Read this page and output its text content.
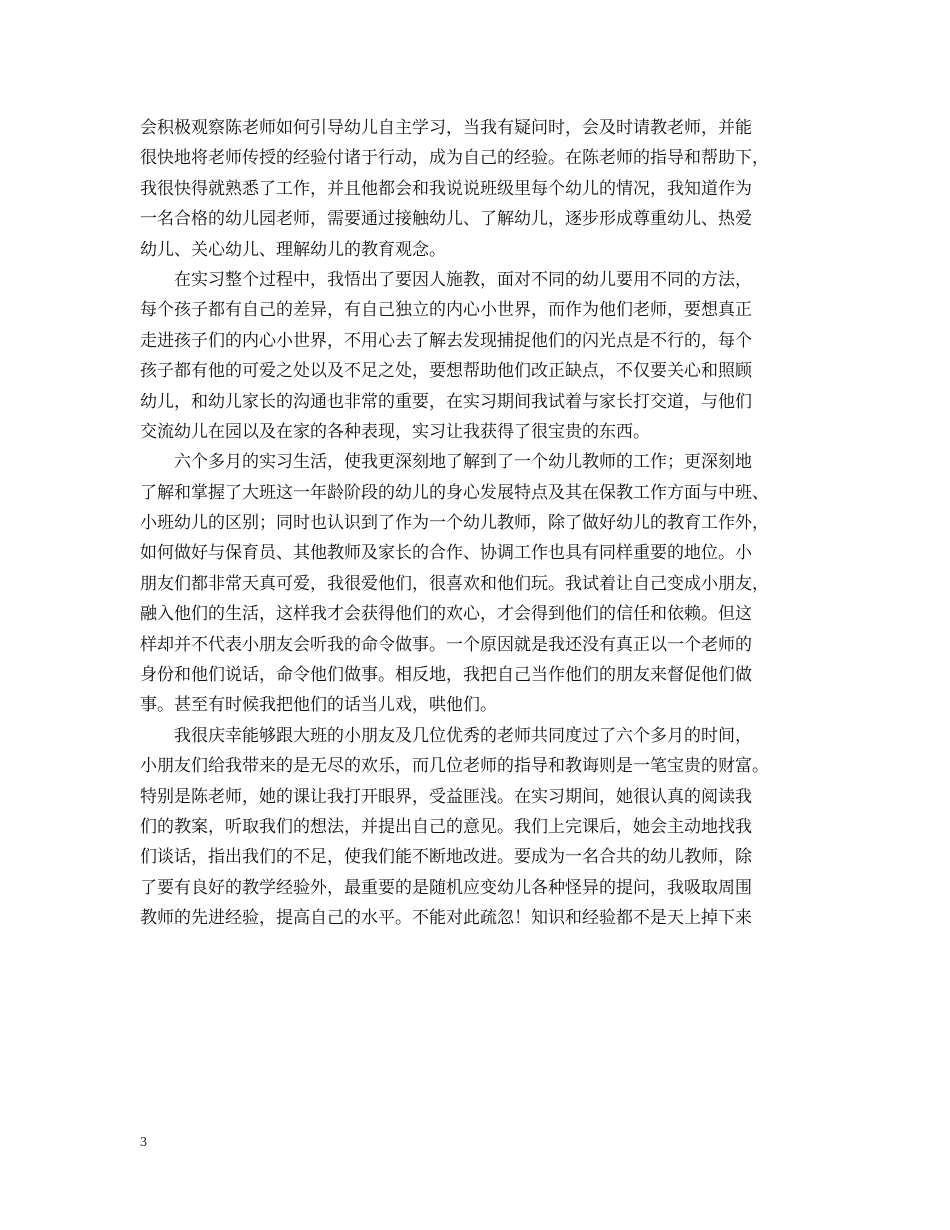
会积极观察陈老师如何引导幼儿自主学习，当我有疑问时，会及时请教老师，并能
很快地将老师传授的经验付诸于行动，成为自己的经验。在陈老师的指导和帮助下，
我很快得就熟悉了工作，并且他都会和我说说班级里每个幼儿的情况，我知道作为
一名合格的幼儿园老师，需要通过接触幼儿、了解幼儿，逐步形成尊重幼儿、热爱
幼儿、关心幼儿、理解幼儿的教育观念。
　　在实习整个过程中，我悟出了要因人施教，面对不同的幼儿要用不同的方法，
每个孩子都有自己的差异，有自己独立的内心小世界，而作为他们老师，要想真正
走进孩子们的内心小世界，不用心去了解去发现捕捉他们的闪光点是不行的，每个
孩子都有他的可爱之处以及不足之处，要想帮助他们改正缺点，不仅要关心和照顾
幼儿，和幼儿家长的沟通也非常的重要，在实习期间我试着与家长打交道，与他们
交流幼儿在园以及在家的各种表现，实习让我获得了很宝贵的东西。
　　六个多月的实习生活，使我更深刻地了解到了一个幼儿教师的工作；更深刻地
了解和掌握了大班这一年龄阶段的幼儿的身心发展特点及其在保教工作方面与中班、
小班幼儿的区别；同时也认识到了作为一个幼儿教师，除了做好幼儿的教育工作外，
如何做好与保育员、其他教师及家长的合作、协调工作也具有同样重要的地位。小
朋友们都非常天真可爱，我很爱他们，很喜欢和他们玩。我试着让自己变成小朋友，
融入他们的生活，这样我才会获得他们的欢心，才会得到他们的信任和依赖。但这
样却并不代表小朋友会听我的命令做事。一个原因就是我还没有真正以一个老师的
身份和他们说话，命令他们做事。相反地，我把自己当作他们的朋友来督促他们做
事。甚至有时候我把他们的话当儿戏，哄他们。
　　我很庆幸能够跟大班的小朋友及几位优秀的老师共同度过了六个多月的时间，
小朋友们给我带来的是无尽的欢乐，而几位老师的指导和教诲则是一笔宝贵的财富。
特别是陈老师，她的课让我打开眼界，受益匪浅。在实习期间，她很认真的阅读我
们的教案，听取我们的想法，并提出自己的意见。我们上完课后，她会主动地找我
们谈话，指出我们的不足，使我们能不断地改进。要成为一名合共的幼儿教师，除
了要有良好的教学经验外，最重要的是随机应变幼儿各种怪异的提问，我吸取周围
教师的先进经验，提高自己的水平。不能对此疏忽！知识和经验都不是天上掉下来
3
